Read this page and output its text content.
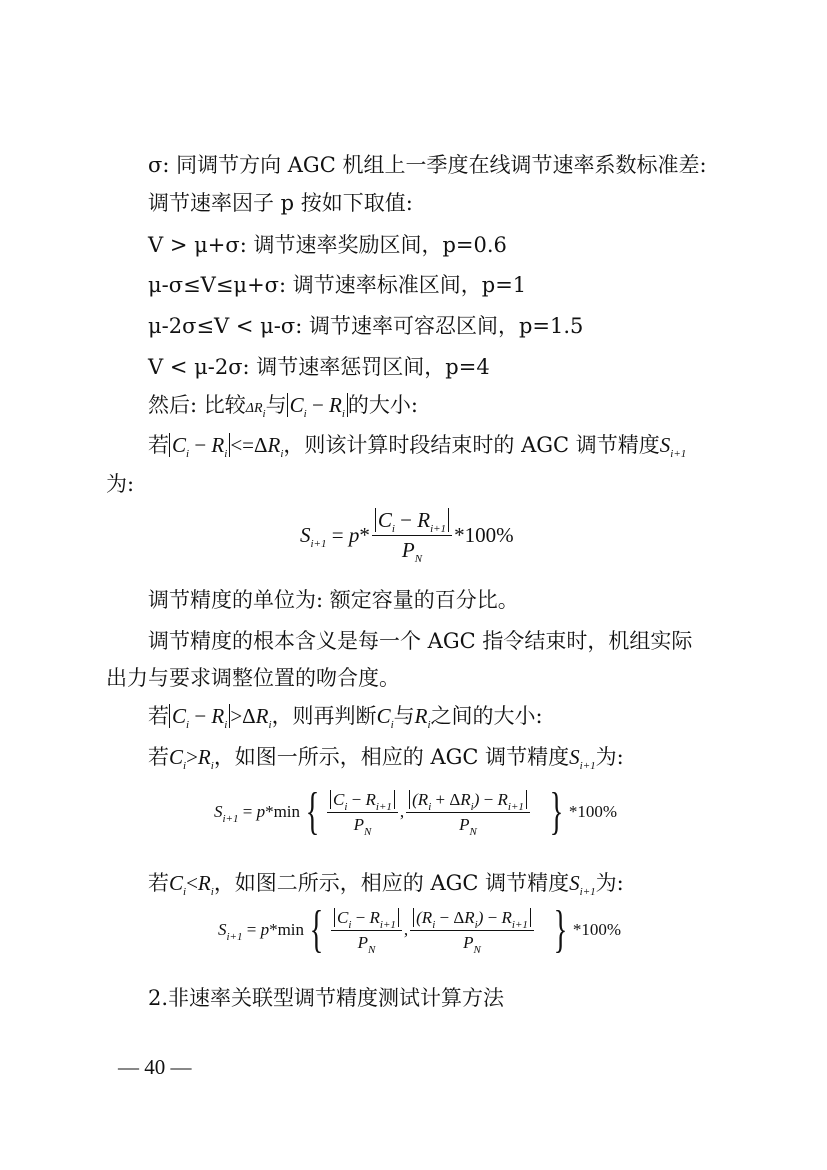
σ: 同调节方向 AGC 机组上一季度在线调节速率系数标准差:
调节速率因子 p 按如下取值:
V > μ+σ: 调节速率奖励区间，p=0.6
μ-σ≤V≤μ+σ: 调节速率标准区间，p=1
μ-2σ≤V < μ-σ: 调节速率可容忍区间，p=1.5
V < μ-2σ: 调节速率惩罚区间，p=4
然后: 比较$\Delta R_i$与 $C_i - R_i$ 的大小:
若 $C_i - R_i <=\Delta R_i$，则该计算时段结束时的 AGC 调节精度$S_{i+1}$
为:
$S_{i+1} = p* \frac{C_i - R_{i+1}}{P_N} *100\%$
调节精度的单位为: 额定容量的百分比。
调节精度的根本含义是每一个 AGC 指令结束时，机组实际
出力与要求调整位置的吻合度。
若 $C_i - R_i >\Delta R_i$，则再判断$C_i$与$R_i$之间的大小:
若$C_i>R_i$，如图一所示，相应的 AGC 调节精度$S_{i+1}$为:
$S_{i+1} = p*\min$ { $\frac{C_i - R_{i+1}}{P_N}$ , $\frac{(R_i + \Delta R_i) - R_{i+1}}{P_N}$ } *100%
若$C_i<R_i$，如图二所示，相应的 AGC 调节精度$S_{i+1}$为:
$S_{i+1} = p*\min$ { $\frac{C_i - R_{i+1}}{P_N}$ , $\frac{(R_i - \Delta R_i) - R_{i+1}}{P_N}$ } *100%
2.非速率关联型调节精度测试计算方法
— 40 —
